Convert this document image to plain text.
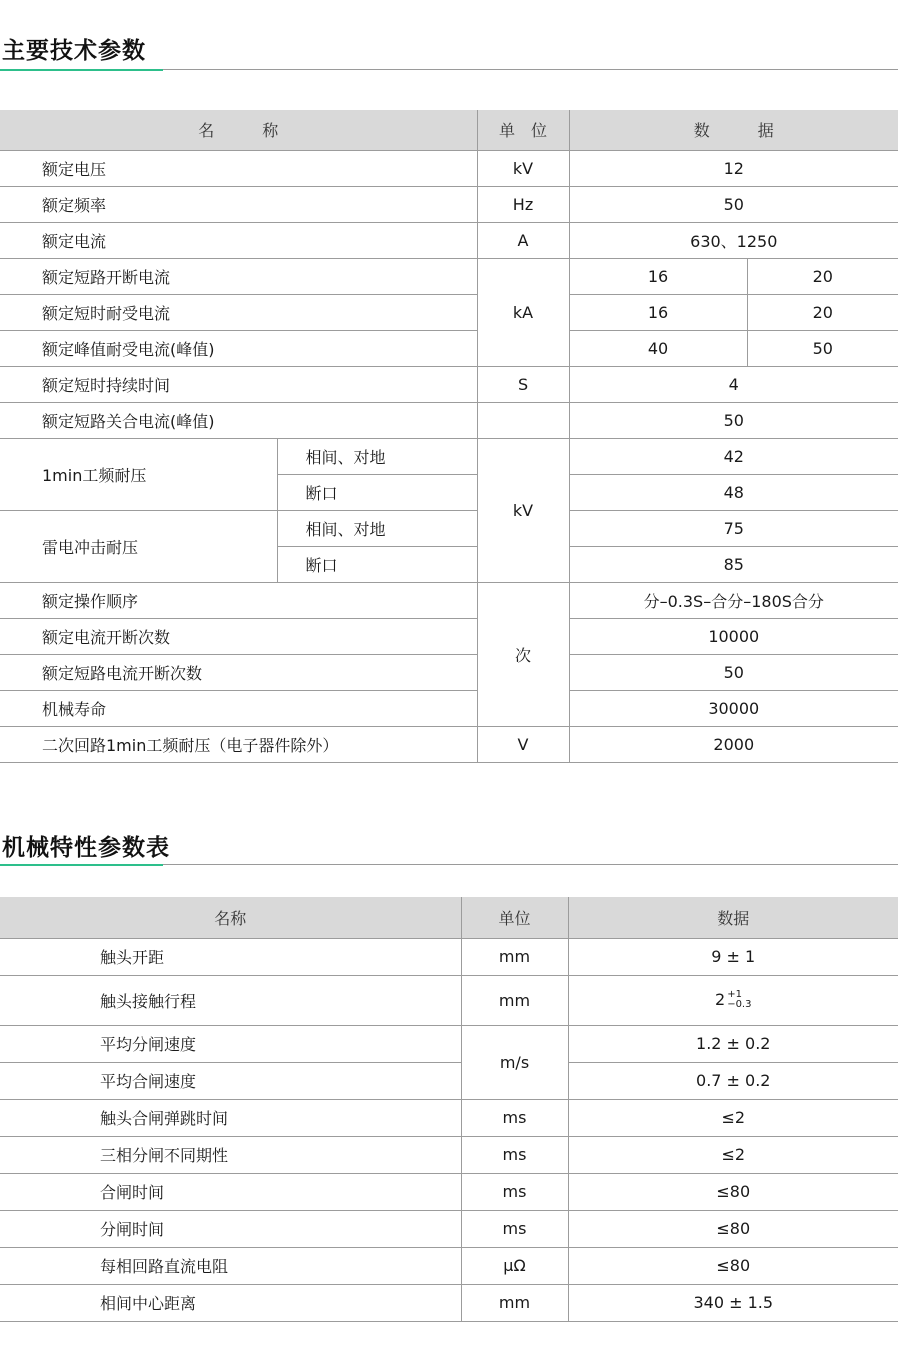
主要技术参数
名　　　称		单　位	数　　　据	
额定电压		kV	12	
额定频率		Hz	50	
额定电流		A	630、1250	
额定短路开断电流		kA	16	20
额定短时耐受电流			16	20
额定峰值耐受电流(峰值)			40	50
额定短时持续时间		S	4	
额定短路关合电流(峰值)			50	
1min工频耐压	相间、对地	kV	42	
	断口		48	
雷电冲击耐压	相间、对地		75	
	断口		85	
额定操作顺序		次	分–0.3S–合分–180S合分	
额定电流开断次数			10000	
额定短路电流开断次数			50	
机械寿命			30000	
二次回路1min工频耐压（电子器件除外）		V	2000	
机械特性参数表
名称	单位	数据
触头开距	mm	9 ± 1
触头接触行程	mm	2 +1
−0.3

平均分闸速度	m/s	1.2 ± 0.2
平均合闸速度		0.7 ± 0.2
触头合闸弹跳时间	ms	≤2
三相分闸不同期性	ms	≤2
合闸时间	ms	≤80
分闸时间	ms	≤80
每相回路直流电阻	μΩ	≤80
相间中心距离	mm	340 ± 1.5
